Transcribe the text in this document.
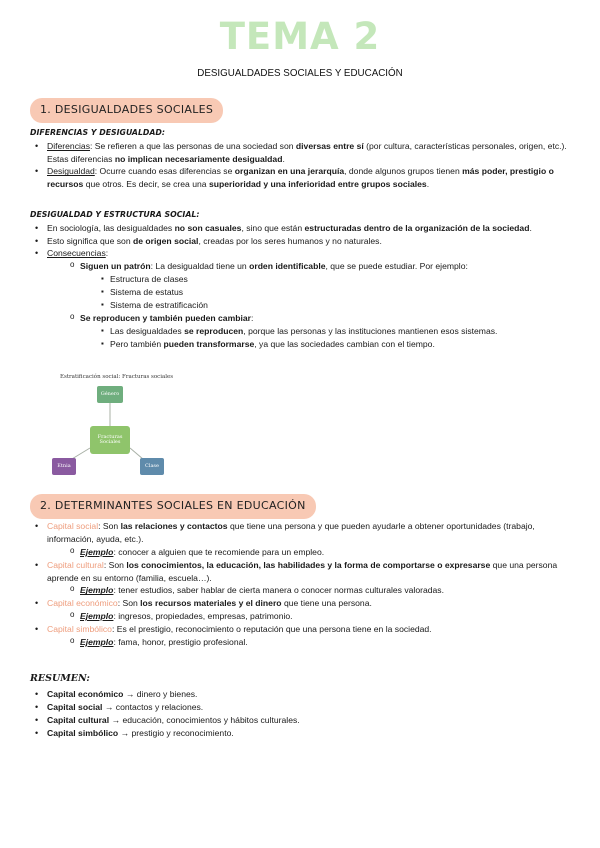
TEMA 2
DESIGUALDADES SOCIALES Y EDUCACIÓN
1. DESIGUALDADES SOCIALES
DIFERENCIAS Y DESIGUALDAD:
• Diferencias: Se refieren a que las personas de una sociedad son diversas entre sí (por cultura, características personales, origen, etc.). Estas diferencias no implican necesariamente desigualdad.
• Desigualdad: Ocurre cuando esas diferencias se organizan en una jerarquía, donde algunos grupos tienen más poder, prestigio o recursos que otros. Es decir, se crea una superioridad y una inferioridad entre grupos sociales.
DESIGUALDAD Y ESTRUCTURA SOCIAL:
• En sociología, las desigualdades no son casuales, sino que están estructuradas dentro de la organización de la sociedad.
• Esto significa que son de origen social, creadas por los seres humanos y no naturales.
• Consecuencias:
o Siguen un patrón: La desigualdad tiene un orden identificable, que se puede estudiar. Por ejemplo:
▪ Estructura de clases
▪ Sistema de estatus
▪ Sistema de estratificación
o Se reproducen y también pueden cambiar:
▪ Las desigualdades se reproducen, porque las personas y las instituciones mantienen esos sistemas.
▪ Pero también pueden transformarse, ya que las sociedades cambian con el tiempo.
Estratificación social: Fracturas sociales
Género
Fracturas Sociales
Etnia	Clase
2. DETERMINANTES SOCIALES EN EDUCACIÓN
• Capital social: Son las relaciones y contactos que tiene una persona y que pueden ayudarle a obtener oportunidades (trabajo, información, ayuda, etc.).
o Ejemplo: conocer a alguien que te recomiende para un empleo.
• Capital cultural: Son los conocimientos, la educación, las habilidades y la forma de comportarse o expresarse que una persona aprende en su entorno (familia, escuela…).
o Ejemplo: tener estudios, saber hablar de cierta manera o conocer normas culturales valoradas.
• Capital económico: Son los recursos materiales y el dinero que tiene una persona.
o Ejemplo: ingresos, propiedades, empresas, patrimonio.
• Capital simbólico: Es el prestigio, reconocimiento o reputación que una persona tiene en la sociedad.
o Ejemplo: fama, honor, prestigio profesional.
RESUMEN:
• Capital económico → dinero y bienes.
• Capital social → contactos y relaciones.
• Capital cultural → educación, conocimientos y hábitos culturales.
• Capital simbólico → prestigio y reconocimiento.
